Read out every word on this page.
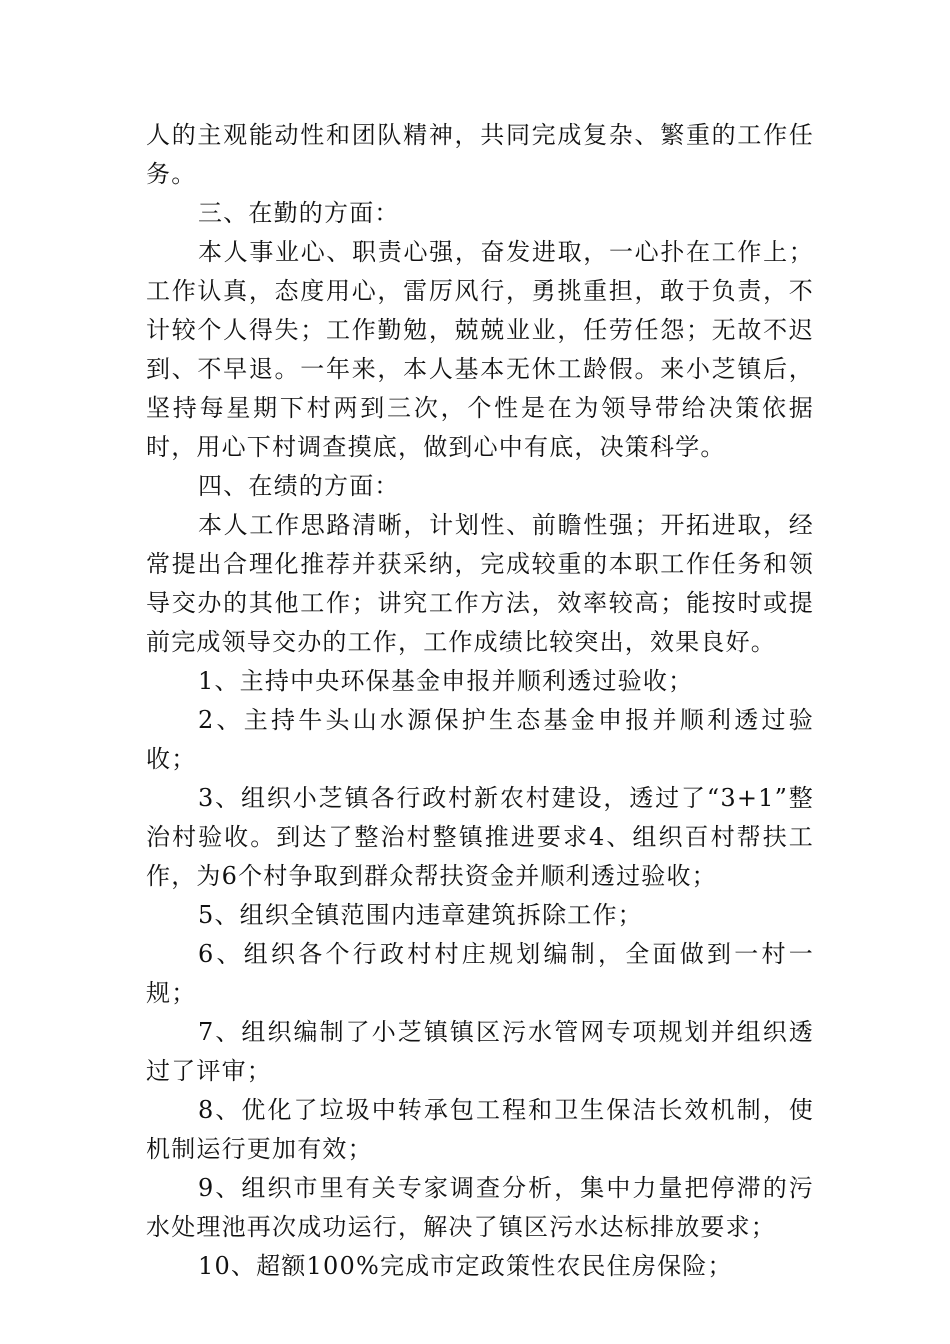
人的主观能动性和团队精神，共同完成复杂、繁重的工作任务。

三、在勤的方面：

本人事业心、职责心强，奋发进取，一心扑在工作上；工作认真，态度用心，雷厉风行，勇挑重担，敢于负责，不计较个人得失；工作勤勉，兢兢业业，任劳任怨；无故不迟到、不早退。一年来，本人基本无休工龄假。来小芝镇后，坚持每星期下村两到三次，个性是在为领导带给决策依据时，用心下村调查摸底，做到心中有底，决策科学。

四、在绩的方面：

本人工作思路清晰，计划性、前瞻性强；开拓进取，经常提出合理化推荐并获采纳，完成较重的本职工作任务和领导交办的其他工作；讲究工作方法，效率较高；能按时或提前完成领导交办的工作，工作成绩比较突出，效果良好。

1、主持中央环保基金申报并顺利透过验收；

2、主持牛头山水源保护生态基金申报并顺利透过验收；

3、组织小芝镇各行政村新农村建设，透过了“3+1”整治村验收。到达了整治村整镇推进要求4、组织百村帮扶工作，为6个村争取到群众帮扶资金并顺利透过验收；

5、组织全镇范围内违章建筑拆除工作；

6、组织各个行政村村庄规划编制，全面做到一村一规；

7、组织编制了小芝镇镇区污水管网专项规划并组织透过了评审；

8、优化了垃圾中转承包工程和卫生保洁长效机制，使机制运行更加有效；

9、组织市里有关专家调查分析，集中力量把停滞的污水处理池再次成功运行，解决了镇区污水达标排放要求；

10、超额100%完成市定政策性农民住房保险；
